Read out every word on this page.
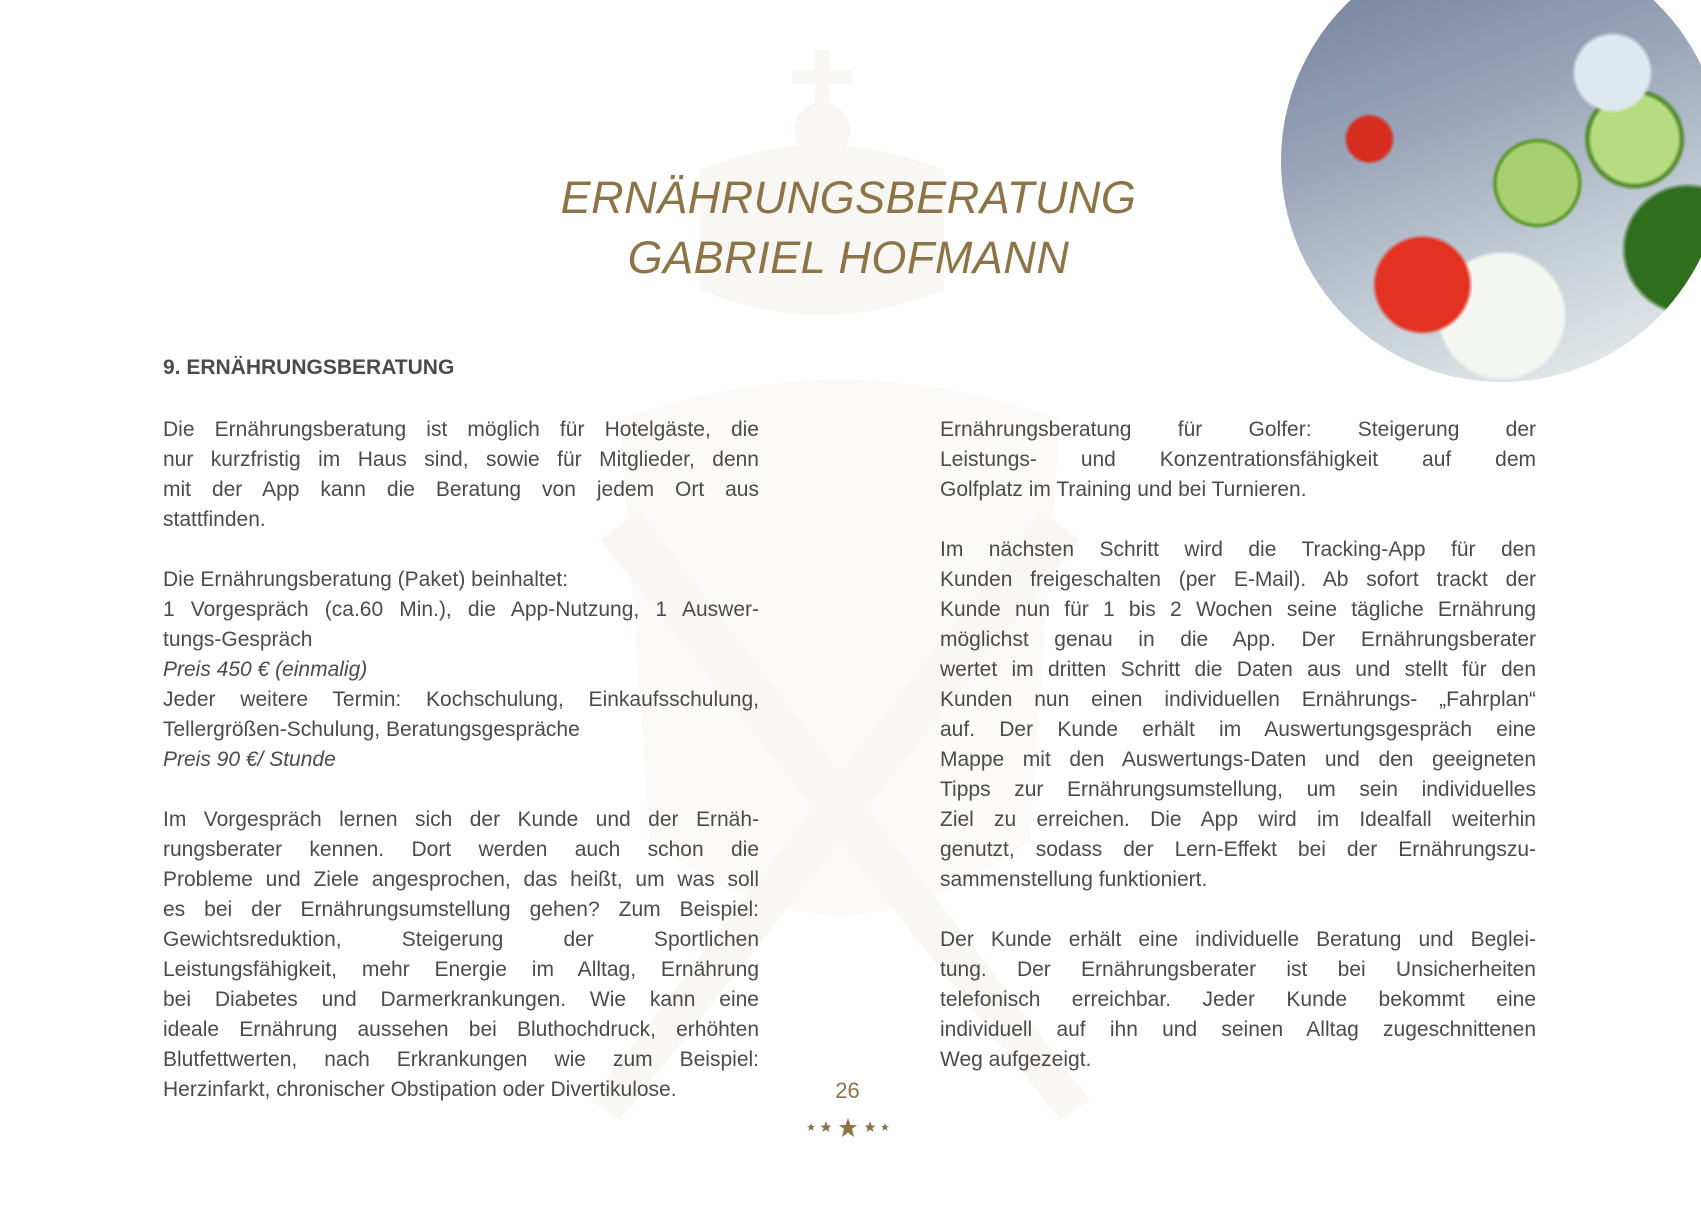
ERNÄHRUNGSBERATUNG
GABRIEL HOFMANN
9. ERNÄHRUNGSBERATUNG
Die Ernährungsberatung ist möglich für Hotelgäste, die
nur kurzfristig im Haus sind, sowie für Mitglieder, denn
mit der App kann die Beratung von jedem Ort aus
stattfinden.
Die Ernährungsberatung (Paket) beinhaltet:
1 Vorgespräch (ca.60 Min.), die App-Nutzung, 1 Auswer-
tungs-Gespräch
Preis 450 € (einmalig)
Jeder weitere Termin: Kochschulung, Einkaufsschulung,
Tellergrößen-Schulung, Beratungsgespräche
Preis 90 €/ Stunde
Im Vorgespräch lernen sich der Kunde und der Ernäh-
rungsberater kennen. Dort werden auch schon die
Probleme und Ziele angesprochen, das heißt, um was soll
es bei der Ernährungsumstellung gehen? Zum Beispiel:
Gewichtsreduktion, Steigerung der Sportlichen
Leistungsfähigkeit, mehr Energie im Alltag, Ernährung
bei Diabetes und Darmerkrankungen. Wie kann eine
ideale Ernährung aussehen bei Bluthochdruck, erhöhten
Blutfettwerten, nach Erkrankungen wie zum Beispiel:
Herzinfarkt, chronischer Obstipation oder Divertikulose.
Ernährungsberatung für Golfer: Steigerung der
Leistungs- und Konzentrationsfähigkeit auf dem
Golfplatz im Training und bei Turnieren.
Im nächsten Schritt wird die Tracking-App für den
Kunden freigeschalten (per E-Mail). Ab sofort trackt der
Kunde nun für 1 bis 2 Wochen seine tägliche Ernährung
möglichst genau in die App. Der Ernährungsberater
wertet im dritten Schritt die Daten aus und stellt für den
Kunden nun einen individuellen Ernährungs- „Fahrplan“
auf. Der Kunde erhält im Auswertungsgespräch eine
Mappe mit den Auswertungs-Daten und den geeigneten
Tipps zur Ernährungsumstellung, um sein individuelles
Ziel zu erreichen. Die App wird im Idealfall weiterhin
genutzt, sodass der Lern-Effekt bei der Ernährungszu-
sammenstellung funktioniert.
Der Kunde erhält eine individuelle Beratung und Beglei-
tung. Der Ernährungsberater ist bei Unsicherheiten
telefonisch erreichbar. Jeder Kunde bekommt eine
individuell auf ihn und seinen Alltag zugeschnittenen
Weg aufgezeigt.
26
